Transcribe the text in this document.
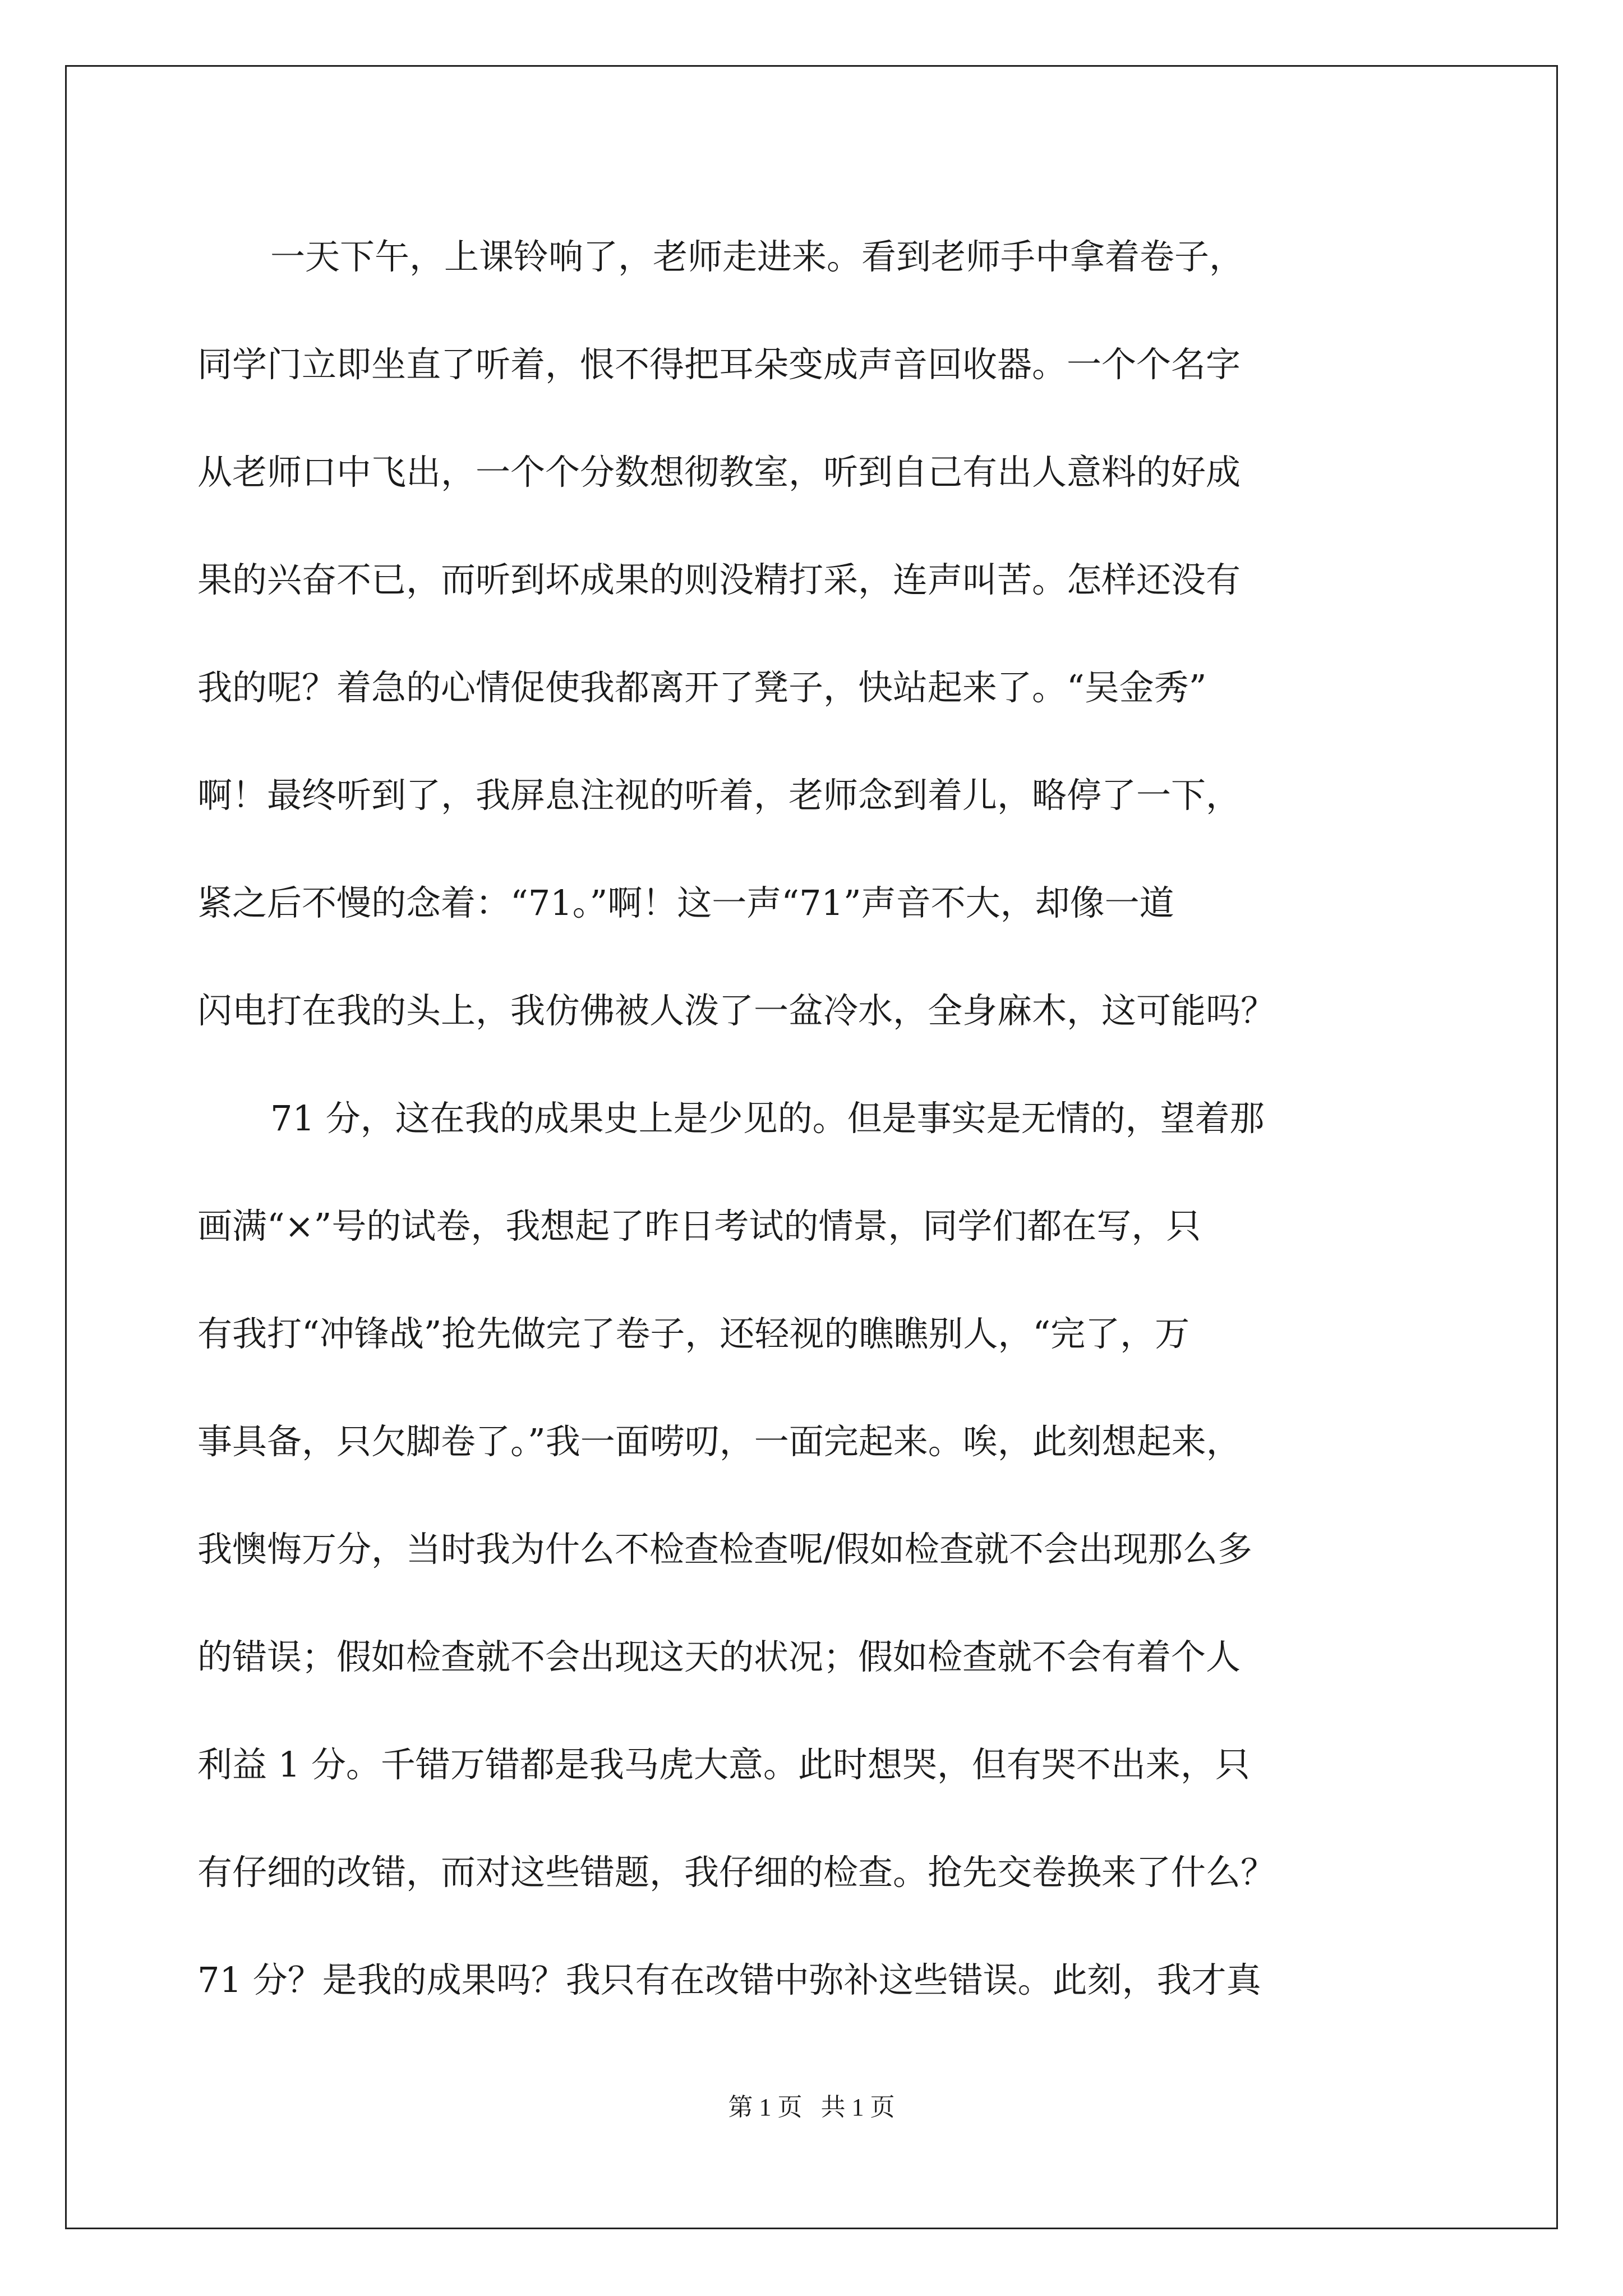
一天下午，上课铃响了，老师走进来。看到老师手中拿着卷子，
同学门立即坐直了听着，恨不得把耳朵变成声音回收器。一个个名字
从老师口中飞出，一个个分数想彻教室，听到自己有出人意料的好成
果的兴奋不已，而听到坏成果的则没精打采，连声叫苦。怎样还没有
我的呢？着急的心情促使我都离开了凳子，快站起来了。“吴金秀”
啊！最终听到了，我屏息注视的听着，老师念到着儿，略停了一下，
紧之后不慢的念着：“71。”啊！这一声“71”声音不大，却像一道
闪电打在我的头上，我仿佛被人泼了一盆冷水，全身麻木，这可能吗？
71 分，这在我的成果史上是少见的。但是事实是无情的，望着那
画满“×”号的试卷，我想起了昨日考试的情景，同学们都在写，只
有我打“冲锋战”抢先做完了卷子，还轻视的瞧瞧别人，“完了，万
事具备，只欠脚卷了。”我一面唠叨，一面完起来。唉，此刻想起来，
我懊悔万分，当时我为什么不检查检查呢/假如检查就不会出现那么多
的错误；假如检查就不会出现这天的状况；假如检查就不会有着个人
利益 1 分。千错万错都是我马虎大意。此时想哭，但有哭不出来，只
有仔细的改错，而对这些错题，我仔细的检查。抢先交卷换来了什么？
71 分？是我的成果吗？我只有在改错中弥补这些错误。此刻，我才真
第 1 页   共 1 页
